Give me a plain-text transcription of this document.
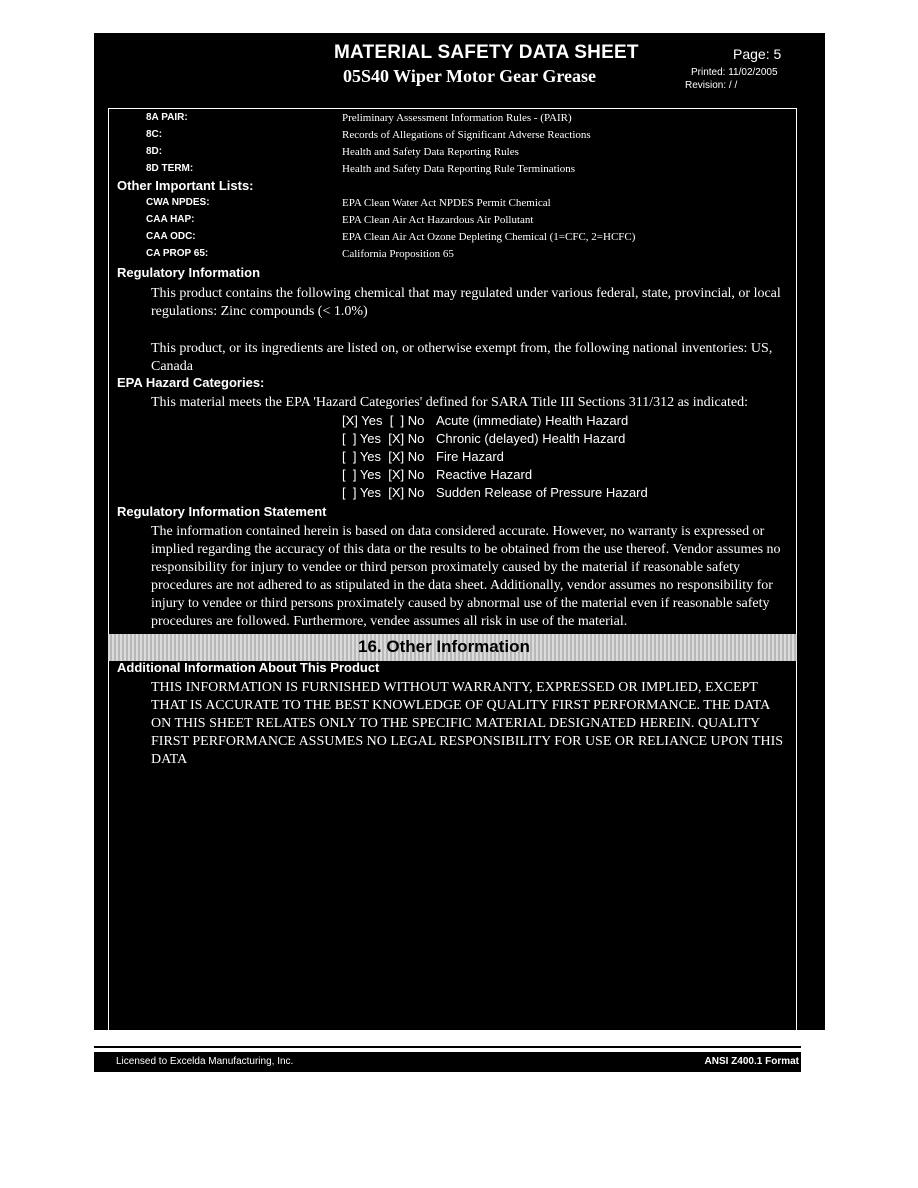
MATERIAL SAFETY DATA SHEET
05S40 Wiper Motor Gear Grease
Page: 5
Printed: 11/02/2005
Revision: / /
8A PAIR:	Preliminary Assessment Information Rules - (PAIR)
8C:	Records of Allegations of Significant Adverse Reactions
8D:	Health and Safety Data Reporting Rules
8D TERM:	Health and Safety Data Reporting Rule Terminations
Other Important Lists:
CWA NPDES:	EPA Clean Water Act NPDES Permit Chemical
CAA HAP:	EPA Clean Air Act Hazardous Air Pollutant
CAA ODC:	EPA Clean Air Act Ozone Depleting Chemical (1=CFC, 2=HCFC)
CA PROP 65:	California Proposition 65
Regulatory Information
This product contains the following chemical that may regulated under various federal, state, provincial, or local regulations: Zinc compounds (< 1.0%)
This product, or its ingredients are listed on, or otherwise exempt from, the following national inventories: US, Canada
EPA Hazard Categories:
This material meets the EPA 'Hazard Categories' defined for SARA Title III Sections 311/312 as indicated:
[X] Yes  [  ] No Acute (immediate) Health Hazard
[  ] Yes  [X] No Chronic (delayed) Health Hazard
[  ] Yes  [X] No Fire Hazard
[  ] Yes  [X] No Reactive Hazard
[  ] Yes  [X] No Sudden Release of Pressure Hazard
Regulatory Information Statement
The information contained herein is based on data considered accurate. However, no warranty is expressed or implied regarding the accuracy of this data or the results to be obtained from the use thereof. Vendor assumes no responsibility for injury to vendee or third person proximately caused by the material if reasonable safety procedures are not adhered to as stipulated in the data sheet. Additionally, vendor assumes no responsibility for injury to vendee or third persons proximately caused by abnormal use of the material even if reasonable safety procedures are followed. Furthermore, vendee assumes all risk in use of the material.
16. Other Information
Additional Information About This Product
THIS INFORMATION IS FURNISHED WITHOUT WARRANTY, EXPRESSED OR IMPLIED, EXCEPT THAT IS ACCURATE TO THE BEST KNOWLEDGE OF QUALITY FIRST PERFORMANCE. THE DATA ON THIS SHEET RELATES ONLY TO THE SPECIFIC MATERIAL DESIGNATED HEREIN. QUALITY FIRST PERFORMANCE ASSUMES NO LEGAL RESPONSIBILITY FOR USE OR RELIANCE UPON THIS DATA
Licensed to Excelda Manufacturing, Inc.	ANSI Z400.1 Format
